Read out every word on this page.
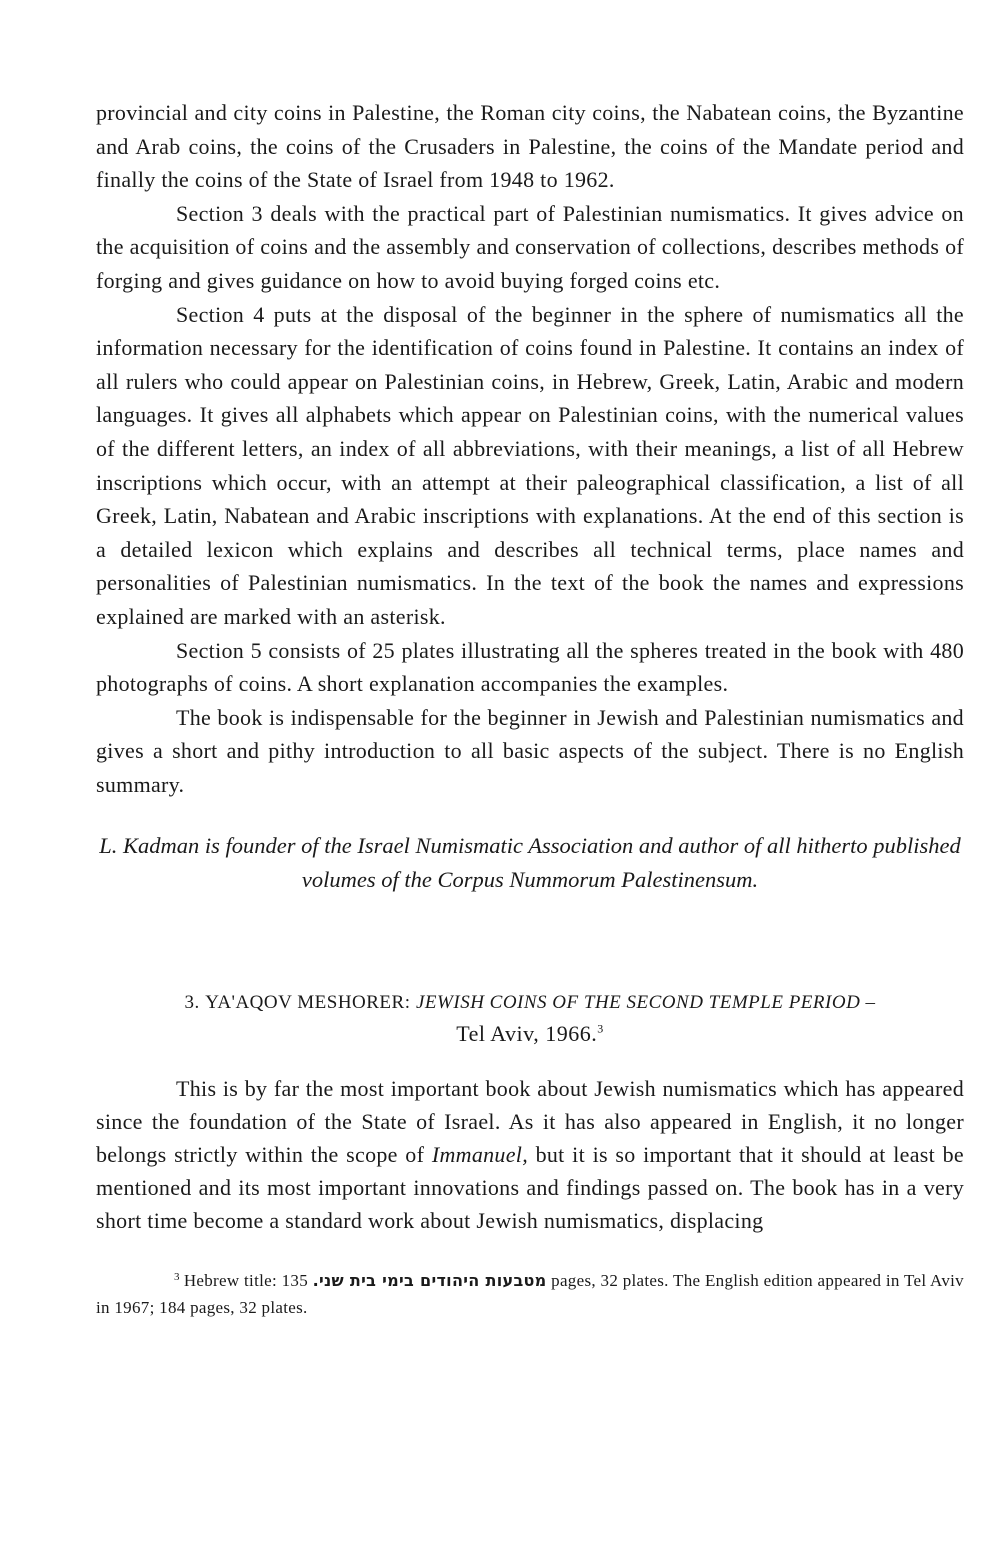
provincial and city coins in Palestine, the Roman city coins, the Nabatean coins, the Byzantine and Arab coins, the coins of the Crusaders in Palestine, the coins of the Mandate period and finally the coins of the State of Israel from 1948 to 1962.

Section 3 deals with the practical part of Palestinian numismatics. It gives advice on the acquisition of coins and the assembly and conservation of collections, describes methods of forging and gives guidance on how to avoid buying forged coins etc.

Section 4 puts at the disposal of the beginner in the sphere of numismatics all the information necessary for the identification of coins found in Palestine. It contains an index of all rulers who could appear on Palestinian coins, in Hebrew, Greek, Latin, Arabic and modern languages. It gives all alphabets which appear on Palestinian coins, with the numerical values of the different letters, an index of all abbreviations, with their meanings, a list of all Hebrew inscriptions which occur, with an attempt at their paleographical classification, a list of all Greek, Latin, Nabatean and Arabic inscriptions with explanations. At the end of this section is a detailed lexicon which explains and describes all technical terms, place names and personalities of Palestinian numismatics. In the text of the book the names and expressions explained are marked with an asterisk.

Section 5 consists of 25 plates illustrating all the spheres treated in the book with 480 photographs of coins. A short explanation accompanies the examples.

The book is indispensable for the beginner in Jewish and Palestinian numismatics and gives a short and pithy introduction to all basic aspects of the subject. There is no English summary.

L. Kadman is founder of the Israel Numismatic Association and author of all hitherto published volumes of the Corpus Nummorum Palestinensum.

3. YA'AQOV MESHORER: JEWISH COINS OF THE SECOND TEMPLE PERIOD –
Tel Aviv, 1966.$^3$

This is by far the most important book about Jewish numismatics which has appeared since the foundation of the State of Israel. As it has also appeared in English, it no longer belongs strictly within the scope of Immanuel, but it is so important that it should at least be mentioned and its most important innovations and findings passed on. The book has in a very short time become a standard work about Jewish numismatics, displacing

$^3$ Hebrew title: מטבעות היהודים בימי בית שני. 135 pages, 32 plates. The English edition appeared in Tel Aviv in 1967; 184 pages, 32 plates.
